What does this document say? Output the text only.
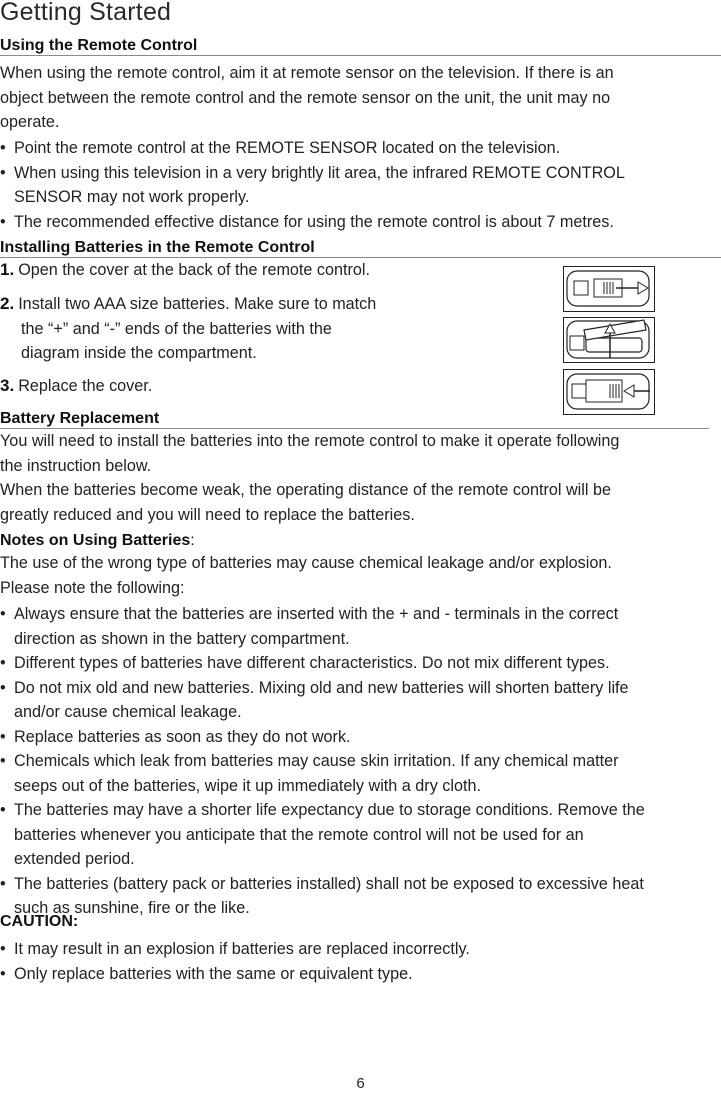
Getting Started
Using the Remote Control
When using the remote control, aim it at remote sensor on the television. If there is an
object between the remote control and the remote sensor on the unit, the unit may no
operate.
• Point the remote control at the REMOTE SENSOR located on the television.
• When using this television in a very brightly lit area, the infrared REMOTE CONTROL
SENSOR may not work properly.
• The recommended effective distance for using the remote control is about 7 metres.
Installing Batteries in the Remote Control
1. Open the cover at the back of the remote control.
2. Install two AAA size batteries. Make sure to match
the “+” and “-” ends of the batteries with the
diagram inside the compartment.
3. Replace the cover.
Battery Replacement
You will need to install the batteries into the remote control to make it operate following
the instruction below.
When the batteries become weak, the operating distance of the remote control will be
greatly reduced and you will need to replace the batteries.
Notes on Using Batteries:
The use of the wrong type of batteries may cause chemical leakage and/or explosion.
Please note the following:
• Always ensure that the batteries are inserted with the + and - terminals in the correct
direction as shown in the battery compartment.
• Different types of batteries have different characteristics. Do not mix different types.
• Do not mix old and new batteries. Mixing old and new batteries will shorten battery life
and/or cause chemical leakage.
• Replace batteries as soon as they do not work.
• Chemicals which leak from batteries may cause skin irritation. If any chemical matter
seeps out of the batteries, wipe it up immediately with a dry cloth.
• The batteries may have a shorter life expectancy due to storage conditions. Remove the
batteries whenever you anticipate that the remote control will not be used for an
extended period.
• The batteries (battery pack or batteries installed) shall not be exposed to excessive heat
such as sunshine, fire or the like.
CAUTION:
• It may result in an explosion if batteries are replaced incorrectly.
• Only replace batteries with the same or equivalent type.
6
